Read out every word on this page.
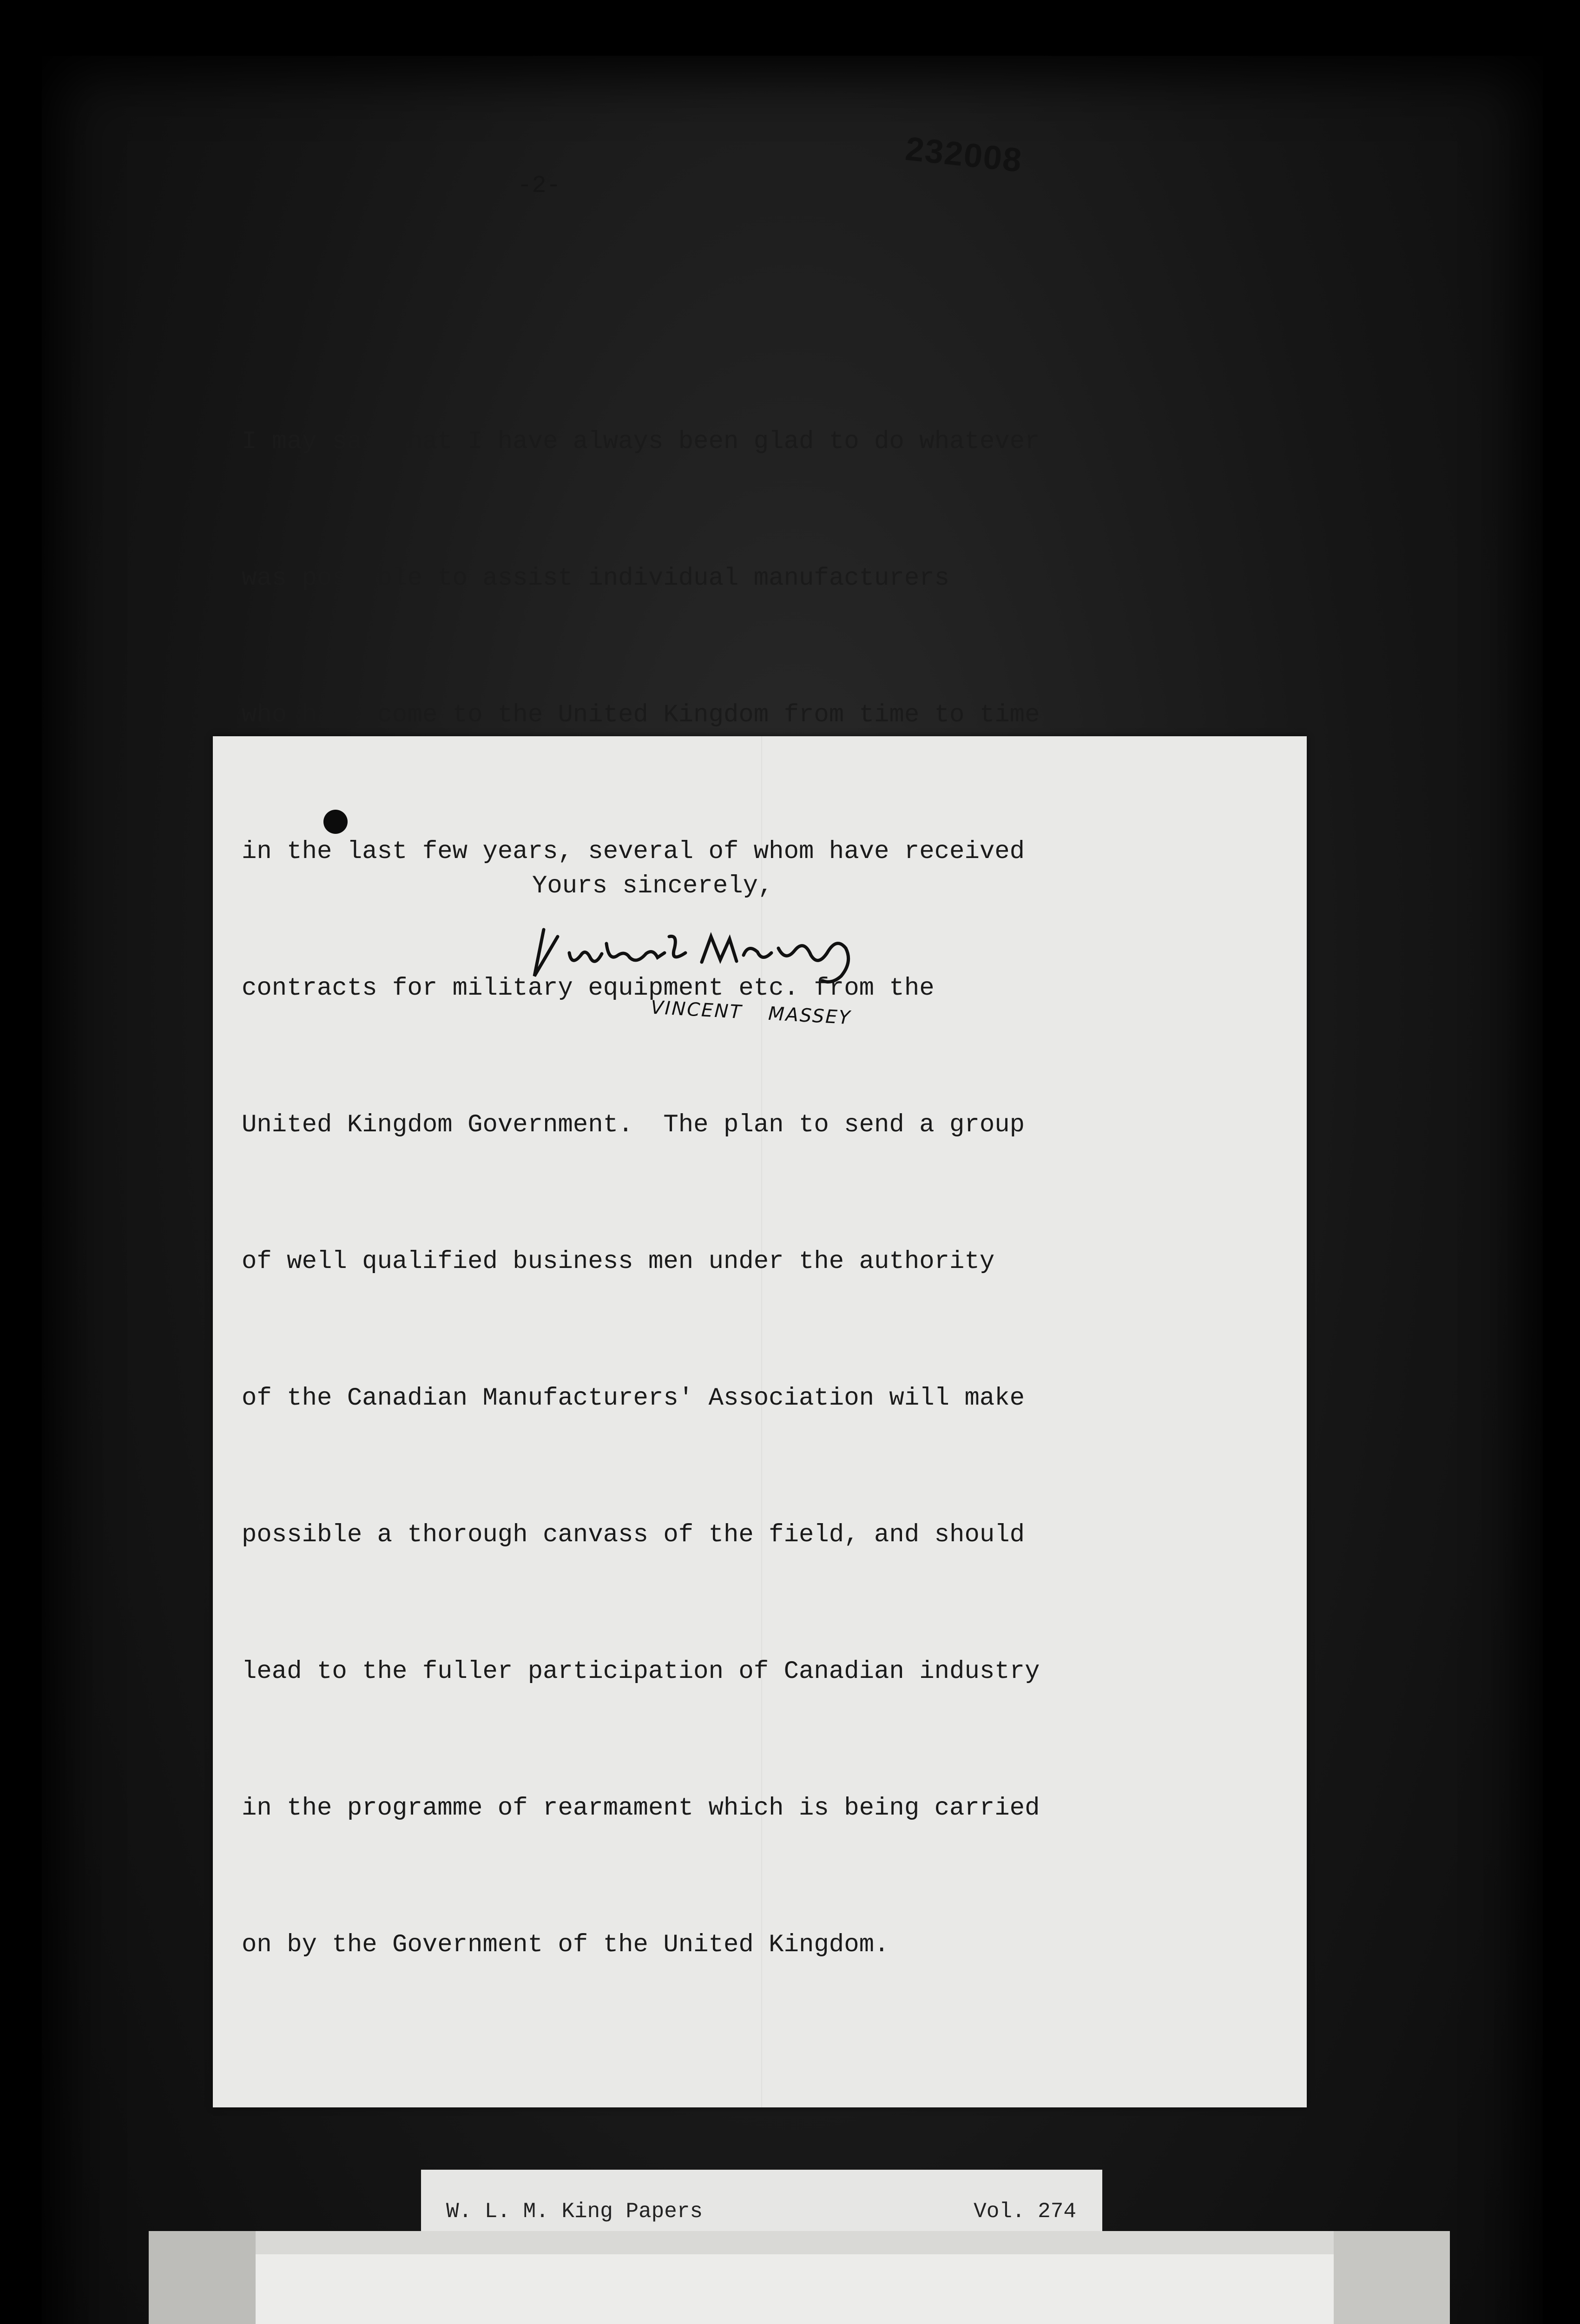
-2-
232008

I may say that I have always been glad to do whatever

was possible to assist individual manufacturers

who have come to the United Kingdom from time to time

in the last few years, several of whom have received

contracts for military equipment etc. from the

United Kingdom Government.  The plan to send a group

of well qualified business men under the authority

of the Canadian Manufacturers' Association will make

possible a thorough canvass of the field, and should

lead to the fuller participation of Canadian industry

in the programme of rearmament which is being carried

on by the Government of the United Kingdom.

Yours sincerely,
VINCENT MASSEY
W. L. M. King Papers	Vol. 274
